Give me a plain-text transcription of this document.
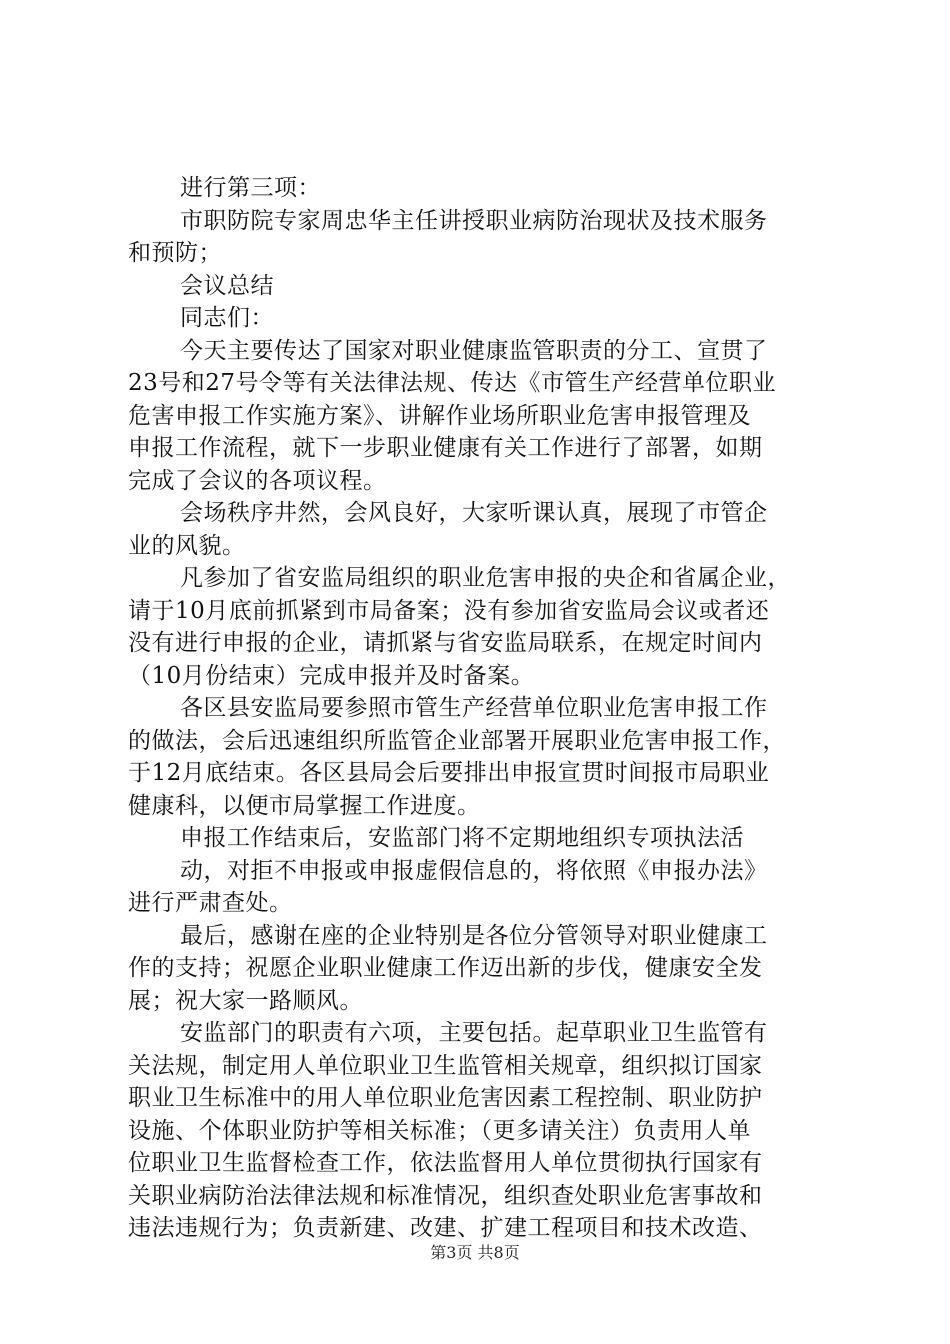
进行第三项：
市职防院专家周忠华主任讲授职业病防治现状及技术服务
和预防；
会议总结
同志们：
今天主要传达了国家对职业健康监管职责的分工、宣贯了
23号和27号令等有关法律法规、传达《市管生产经营单位职业
危害申报工作实施方案》、讲解作业场所职业危害申报管理及
申报工作流程，就下一步职业健康有关工作进行了部署，如期
完成了会议的各项议程。
会场秩序井然，会风良好，大家听课认真，展现了市管企
业的风貌。
凡参加了省安监局组织的职业危害申报的央企和省属企业，
请于10月底前抓紧到市局备案；没有参加省安监局会议或者还
没有进行申报的企业，请抓紧与省安监局联系，在规定时间内
（10月份结束）完成申报并及时备案。
各区县安监局要参照市管生产经营单位职业危害申报工作
的做法，会后迅速组织所监管企业部署开展职业危害申报工作，
于12月底结束。各区县局会后要排出申报宣贯时间报市局职业
健康科，以便市局掌握工作进度。
申报工作结束后，安监部门将不定期地组织专项执法活
动，对拒不申报或申报虚假信息的，将依照《申报办法》
进行严肃查处。
最后，感谢在座的企业特别是各位分管领导对职业健康工
作的支持；祝愿企业职业健康工作迈出新的步伐，健康安全发
展；祝大家一路顺风。
安监部门的职责有六项，主要包括。起草职业卫生监管有
关法规，制定用人单位职业卫生监管相关规章，组织拟订国家
职业卫生标准中的用人单位职业危害因素工程控制、职业防护
设施、个体职业防护等相关标准；（更多请关注）负责用人单
位职业卫生监督检查工作，依法监督用人单位贯彻执行国家有
关职业病防治法律法规和标准情况，组织查处职业危害事故和
违法违规行为；负责新建、改建、扩建工程项目和技术改造、
第3页 共8页
